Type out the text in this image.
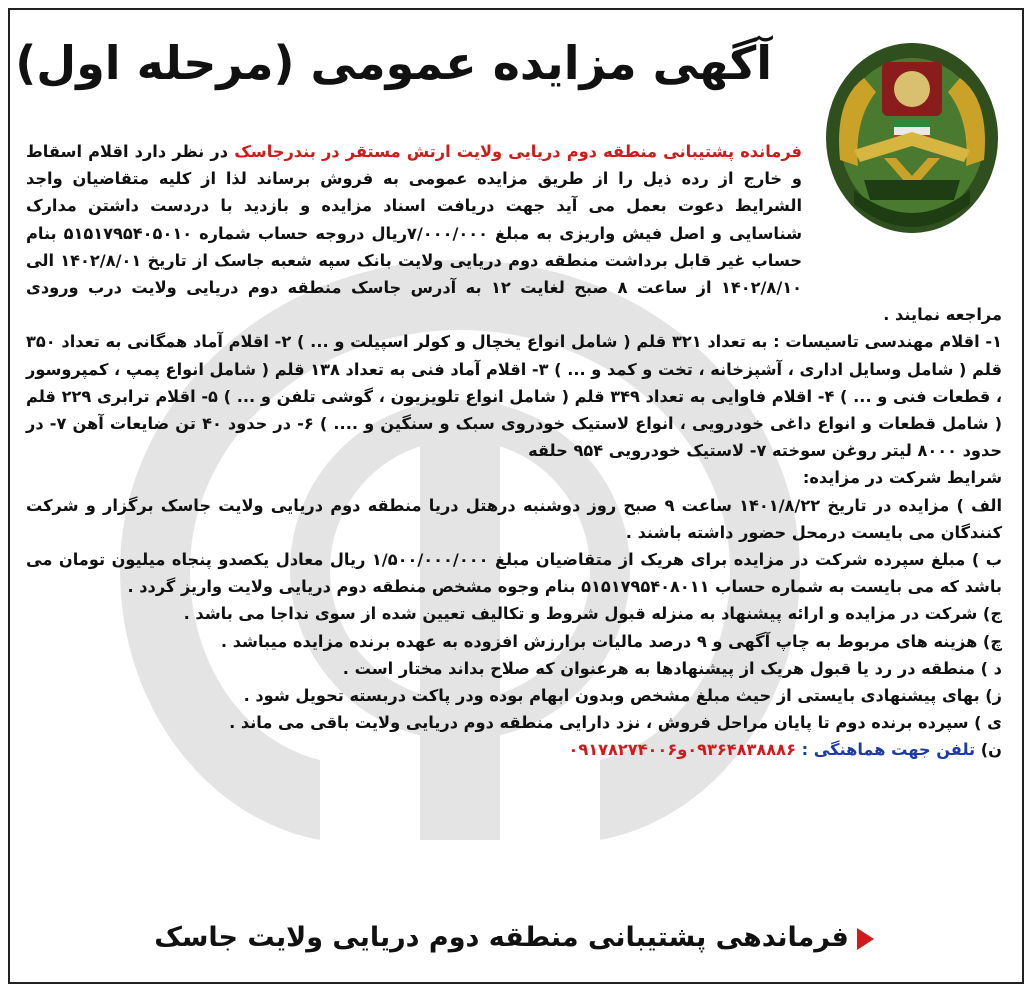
آگهی مزایده عمومی (مرحله اول)

فرمانده پشتیبانی منطقه دوم دریایی ولایت ارتش مستقر در بندرجاسک در نظر دارد اقلام اسقاط و خارج از رده ذیل را از طریق مزایده عمومی به فروش برساند لذا از کلیه متقاضیان واجد الشرایط دعوت بعمل می آید جهت دریافت اسناد مزایده و بازدید با دردست داشتن مدارک شناسایی و اصل فیش واریزی به مبلغ ۷/۰۰۰/۰۰۰ریال دروجه حساب شماره ۵۱۵۱۷۹۵۴۰۵۰۱۰ بنام حساب غیر قابل برداشت منطقه دوم دریایی ولایت بانک سپه شعبه جاسک از تاریخ ۱۴۰۲/۸/۰۱ الی ۱۴۰۲/۸/۱۰ از ساعت ۸ صبح لغایت ۱۲ به آدرس جاسک منطقه دوم دریایی ولایت درب ورودی مراجعه نمایند .

۱- اقلام مهندسی تاسیسات : به تعداد ۳۲۱ قلم ( شامل انواع یخچال و کولر اسپیلت و ... ) ۲- اقلام آماد همگانی به تعداد ۳۵۰ قلم ( شامل وسایل اداری ، آشپزخانه ، تخت و کمد و ... ) ۳- اقلام آماد فنی به تعداد ۱۳۸ قلم ( شامل انواع پمپ ، کمپروسور ، قطعات فنی و ... ) ۴- اقلام فاوایی به تعداد ۳۴۹ قلم ( شامل انواع تلویزیون ، گوشی تلفن و ... ) ۵- اقلام ترابری ۲۲۹ قلم ( شامل قطعات و انواع داغی خودرویی ، انواع لاستیک خودروی سبک و سنگین و .... ) ۶- در حدود ۴۰ تن ضایعات آهن ۷- در حدود ۸۰۰۰ لیتر روغن سوخته ۷- لاستیک خودرویی ۹۵۴ حلقه

شرایط شرکت در مزایده:

الف ) مزایده در تاریخ ۱۴۰۱/۸/۲۲ ساعت ۹ صبح روز دوشنبه درهتل دریا منطقه دوم دریایی ولایت جاسک برگزار و شرکت کنندگان می بایست درمحل حضور داشته باشند .

ب ) مبلغ سپرده شرکت در مزایده برای هریک از متقاضیان مبلغ ۱/۵۰۰/۰۰۰/۰۰۰ ریال معادل یکصدو پنجاه میلیون تومان می باشد که می بایست به شماره حساب ۵۱۵۱۷۹۵۴۰۸۰۱۱ بنام وجوه مشخص منطقه دوم دریایی ولایت واریز گردد .

ج) شرکت در مزایده و ارائه پیشنهاد به منزله قبول شروط و تکالیف تعیین شده از سوی نداجا می باشد .

چ) هزینه های مربوط به چاپ آگهی و ۹ درصد مالیات برارزش افزوده به عهده برنده مزایده میباشد .

د ) منطقه در رد یا قبول هریک از پیشنهادها به هرعنوان که صلاح بداند مختار است .

ز) بهای پیشنهادی بایستی از حیث مبلغ مشخص وبدون ابهام بوده ودر پاکت دربسته تحویل شود .

ی ) سپرده برنده دوم تا پایان مراحل فروش ، نزد دارایی منطقه دوم دریایی ولایت باقی می ماند .

ن) تلفن جهت هماهنگی : ۰۹۳۶۴۸۳۸۸۸۶و۰۹۱۷۸۲۷۴۰۰۶

فرماندهی پشتیبانی منطقه دوم دریایی ولایت جاسک
